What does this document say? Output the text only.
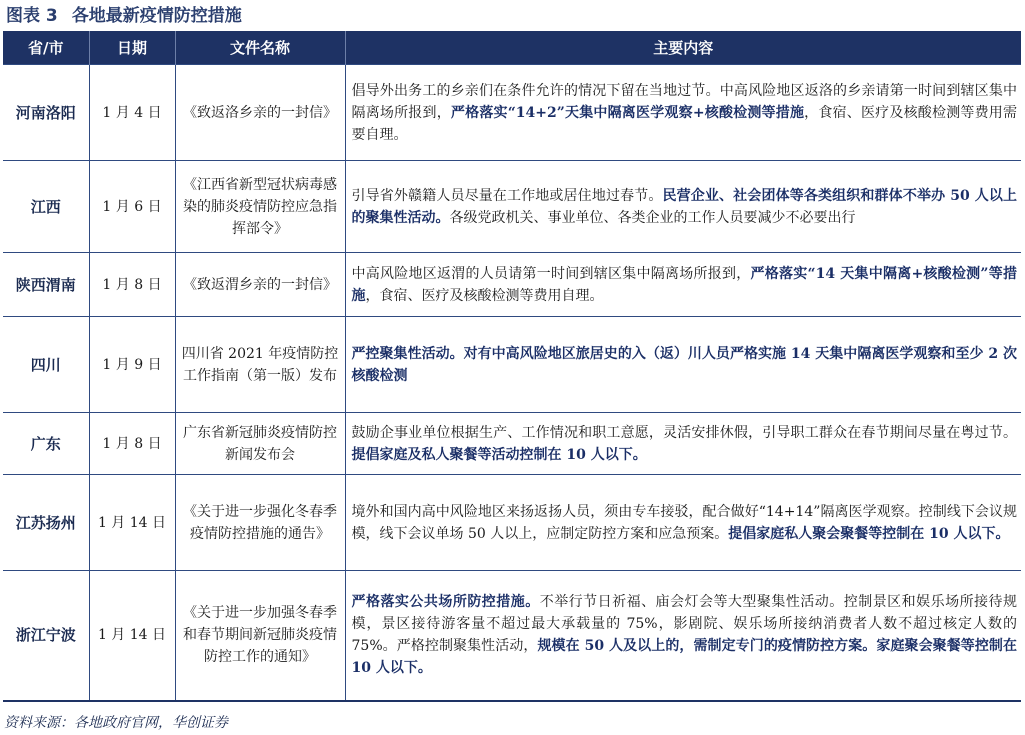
图表 3 各地最新疫情防控措施
省/市	日期	文件名称	主要内容
河南洛阳	1 月 4 日	《致返洛乡亲的一封信》	倡导外出务工的乡亲们在条件允许的情况下留在当地过节。中高风险地区返洛的乡亲请第一时间到辖区集中隔离场所报到，严格落实“14+2”天集中隔离医学观察+核酸检测等措施，食宿、医疗及核酸检测等费用需要自理。
江西	1 月 6 日	《江西省新型冠状病毒感染的肺炎疫情防控应急指挥部令》	引导省外赣籍人员尽量在工作地或居住地过春节。民营企业、社会团体等各类组织和群体不举办 50 人以上的聚集性活动。各级党政机关、事业单位、各类企业的工作人员要减少不必要出行
陕西渭南	1 月 8 日	《致返渭乡亲的一封信》	中高风险地区返渭的人员请第一时间到辖区集中隔离场所报到，严格落实“14 天集中隔离+核酸检测”等措施，食宿、医疗及核酸检测等费用自理。
四川	1 月 9 日	四川省 2021 年疫情防控工作指南（第一版）发布	严控聚集性活动。对有中高风险地区旅居史的入（返）川人员严格实施 14 天集中隔离医学观察和至少 2 次核酸检测
广东	1 月 8 日	广东省新冠肺炎疫情防控新闻发布会	鼓励企事业单位根据生产、工作情况和职工意愿，灵活安排休假，引导职工群众在春节期间尽量在粤过节。提倡家庭及私人聚餐等活动控制在 10 人以下。
江苏扬州	1 月 14 日	《关于进一步强化冬春季疫情防控措施的通告》	境外和国内高中风险地区来扬返扬人员，须由专车接驳，配合做好“14+14”隔离医学观察。控制线下会议规模，线下会议单场 50 人以上，应制定防控方案和应急预案。提倡家庭私人聚会聚餐等控制在 10 人以下。
浙江宁波	1 月 14 日	《关于进一步加强冬春季和春节期间新冠肺炎疫情防控工作的通知》	严格落实公共场所防控措施。不举行节日祈福、庙会灯会等大型聚集性活动。控制景区和娱乐场所接待规模，景区接待游客量不超过最大承载量的 75%，影剧院、娱乐场所接纳消费者人数不超过核定人数的 75%。严格控制聚集性活动，规模在 50 人及以上的，需制定专门的疫情防控方案。家庭聚会聚餐等控制在 10 人以下。
资料来源：各地政府官网，华创证券
